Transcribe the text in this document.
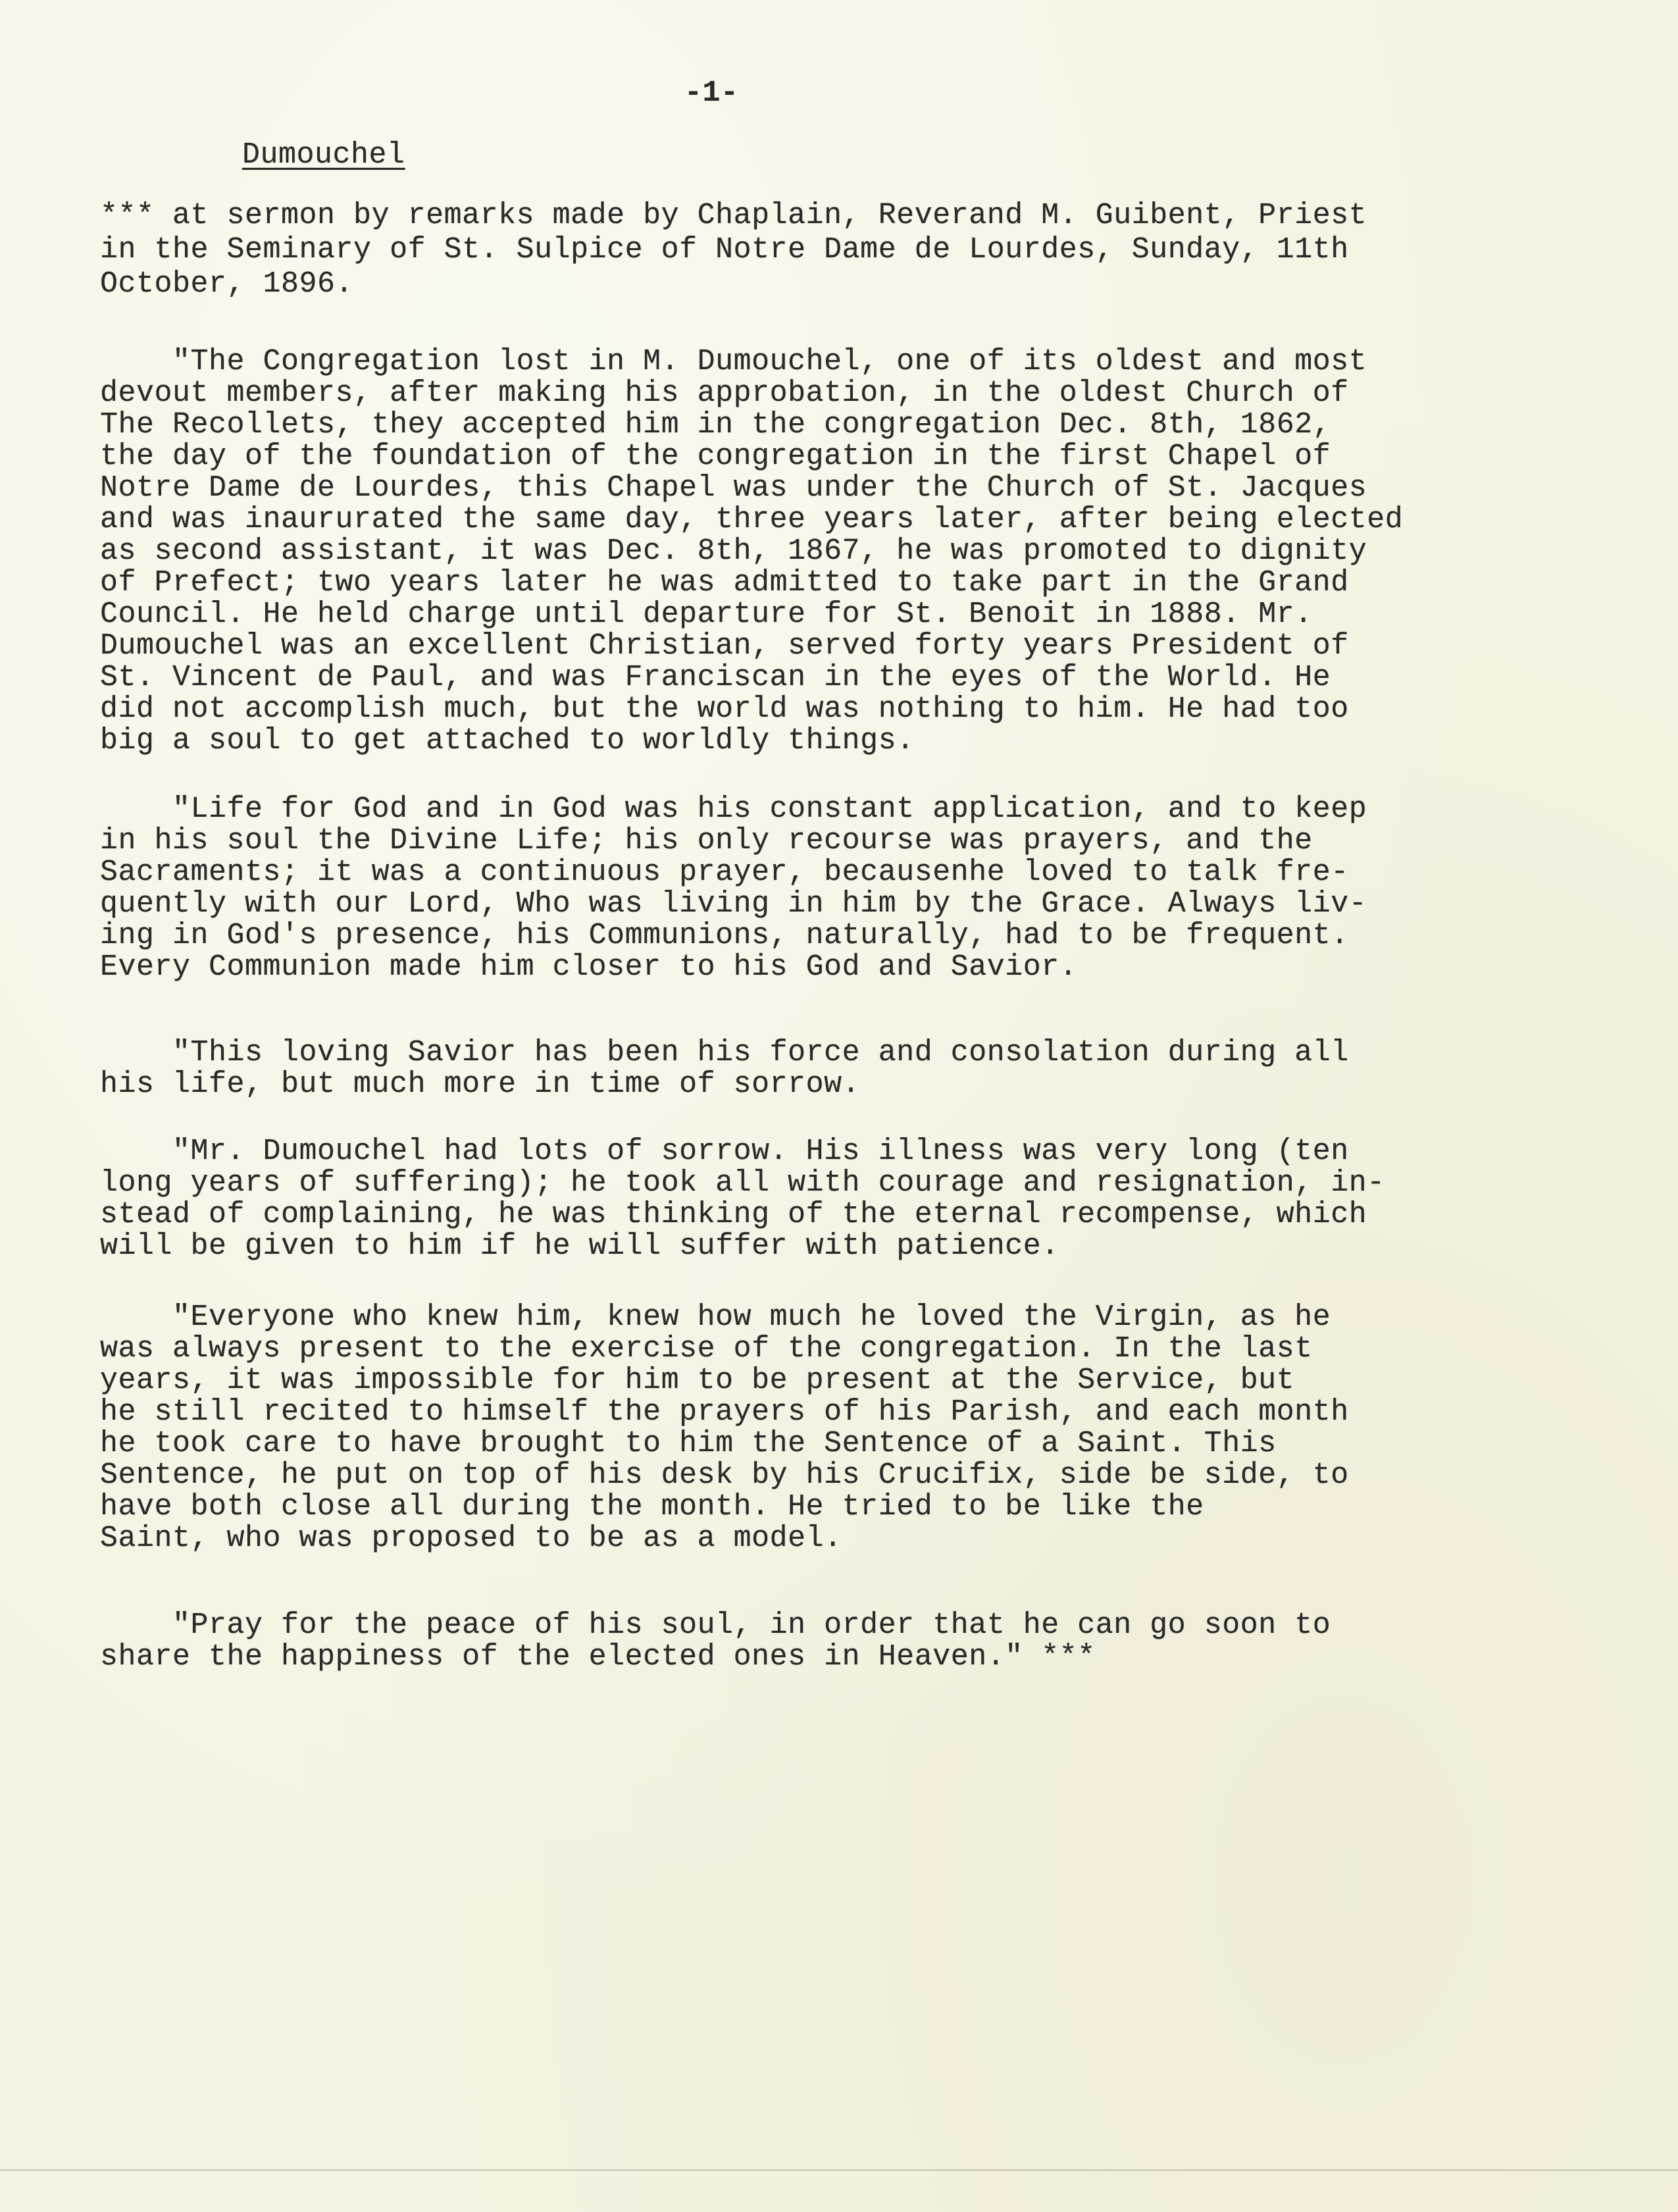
-1-

Dumouchel

*** at sermon by remarks made by Chaplain, Reverand M. Guibent, Priest
in the Seminary of St. Sulpice of Notre Dame de Lourdes, Sunday, 11th
October, 1896.

"The Congregation lost in M. Dumouchel, one of its oldest and most
devout members, after making his approbation, in the oldest Church of
The Recollets, they accepted him in the congregation Dec. 8th, 1862,
the day of the foundation of the congregation in the first Chapel of
Notre Dame de Lourdes, this Chapel was under the Church of St. Jacques
and was inaururated the same day, three years later, after being elected
as second assistant, it was Dec. 8th, 1867, he was promoted to dignity
of Prefect; two years later he was admitted to take part in the Grand
Council. He held charge until departure for St. Benoit in 1888. Mr.
Dumouchel was an excellent Christian, served forty years President of
St. Vincent de Paul, and was Franciscan in the eyes of the World. He
did not accomplish much, but the world was nothing to him. He had too
big a soul to get attached to worldly things.

"Life for God and in God was his constant application, and to keep
in his soul the Divine Life; his only recourse was prayers, and the
Sacraments; it was a continuous prayer, becausenhe loved to talk fre-
quently with our Lord, Who was living in him by the Grace. Always liv-
ing in God's presence, his Communions, naturally, had to be frequent.
Every Communion made him closer to his God and Savior.

"This loving Savior has been his force and consolation during all
his life, but much more in time of sorrow.

"Mr. Dumouchel had lots of sorrow. His illness was very long (ten
long years of suffering); he took all with courage and resignation, in-
stead of complaining, he was thinking of the eternal recompense, which
will be given to him if he will suffer with patience.

"Everyone who knew him, knew how much he loved the Virgin, as he
was always present to the exercise of the congregation. In the last
years, it was impossible for him to be present at the Service, but
he still recited to himself the prayers of his Parish, and each month
he took care to have brought to him the Sentence of a Saint. This
Sentence, he put on top of his desk by his Crucifix, side be side, to
have both close all during the month. He tried to be like the
Saint, who was proposed to be as a model.

"Pray for the peace of his soul, in order that he can go soon to
share the happiness of the elected ones in Heaven." ***
